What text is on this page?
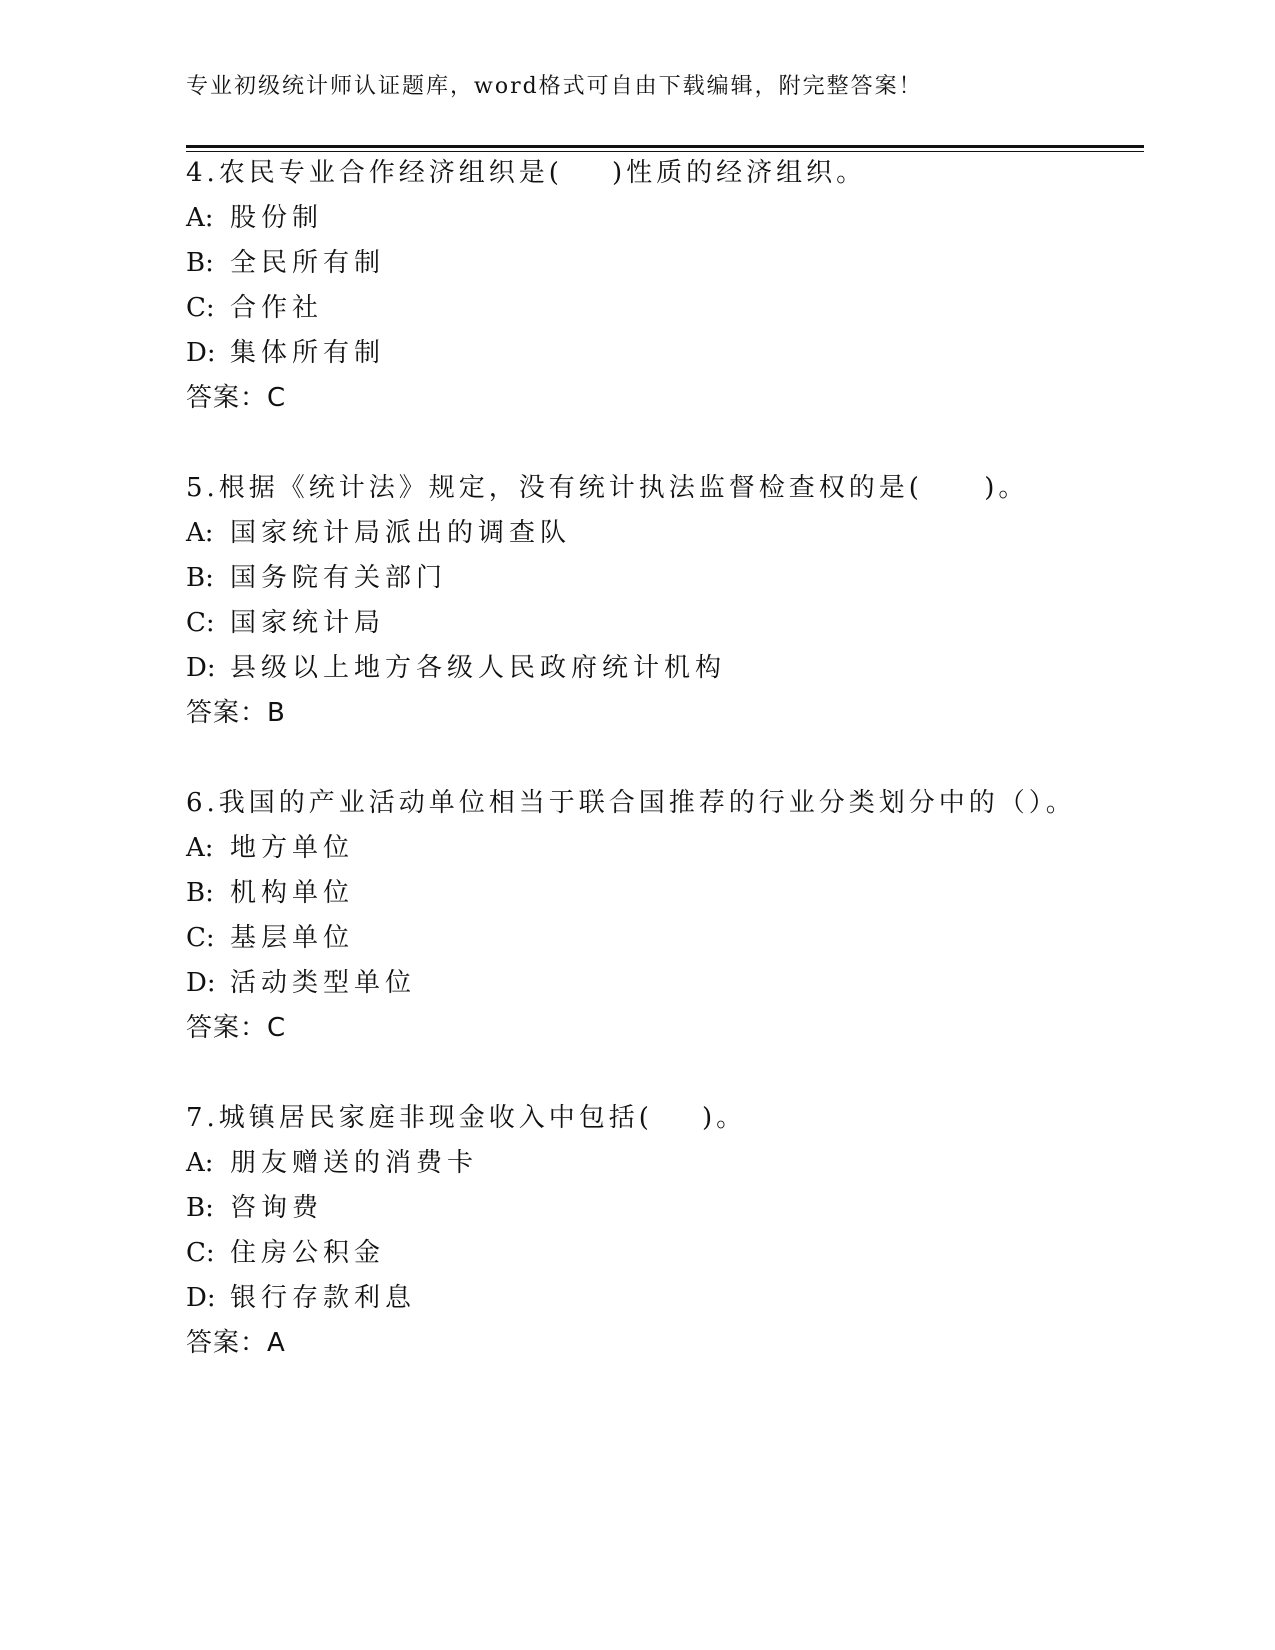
专业初级统计师认证题库，word格式可自由下载编辑，附完整答案！
4.农民专业合作经济组织是(    )性质的经济组织。
A: 股份制
B: 全民所有制
C: 合作社
D: 集体所有制
答案：C
5.根据《统计法》规定，没有统计执法监督检查权的是(     )。
A: 国家统计局派出的调查队
B: 国务院有关部门
C: 国家统计局
D: 县级以上地方各级人民政府统计机构
答案：B
6.我国的产业活动单位相当于联合国推荐的行业分类划分中的（）。
A: 地方单位
B: 机构单位
C: 基层单位
D: 活动类型单位
答案：C
7.城镇居民家庭非现金收入中包括(    )。
A: 朋友赠送的消费卡
B: 咨询费
C: 住房公积金
D: 银行存款利息
答案：A
